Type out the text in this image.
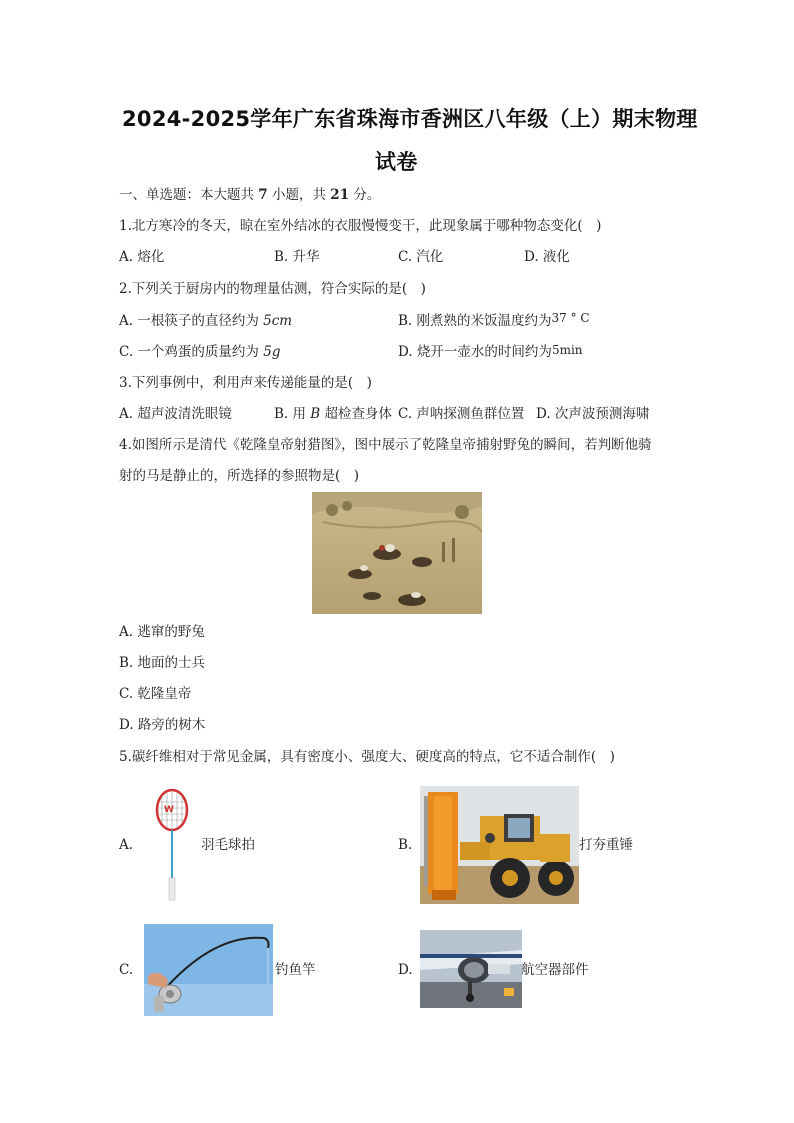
2024-2025学年广东省珠海市香洲区八年级（上）期末物理
试卷
一、单选题：本大题共 7 小题，共 21 分。
1.北方寒冷的冬天，晾在室外结冰的衣服慢慢变干，此现象属于哪种物态变化(　)
A. 熔化	B. 升华	C. 汽化	D. 液化
2.下列关于厨房内的物理量估测，符合实际的是(　)
A. 一根筷子的直径约为 5cm	B. 刚煮熟的米饭温度约为37 ° C
C. 一个鸡蛋的质量约为 5g	D. 烧开一壶水的时间约为5min
3.下列事例中，利用声来传递能量的是(　)
A. 超声波清洗眼镜	B. 用 B 超检查身体 C. 声呐探测鱼群位置 D. 次声波预测海啸
4.如图所示是清代《乾隆皇帝射猎图》，图中展示了乾隆皇帝捕射野兔的瞬间，若判断他骑
射的马是静止的，所选择的参照物是(　)
A. 逃窜的野兔
B. 地面的士兵
C. 乾隆皇帝
D. 路旁的树木
5.碳纤维相对于常见金属，具有密度小、强度大、硬度高的特点，它不适合制作(　)
A.
W
羽毛球拍	B.	打夯重锤
C.	钓鱼竿	D.	航空器部件
